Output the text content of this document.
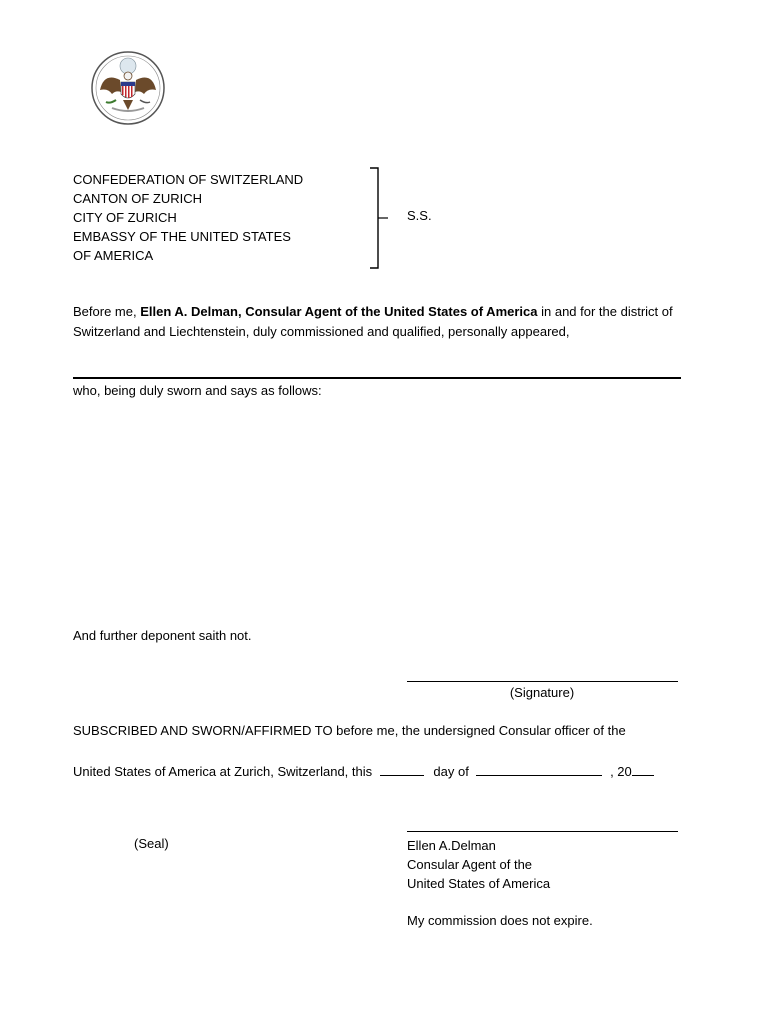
CONFEDERATION OF SWITZERLAND
CANTON OF ZURICH
CITY OF ZURICH
EMBASSY OF THE UNITED STATES
OF AMERICA
S.S.
Before me, Ellen A. Delman, Consular Agent of the United States of America in and for the district of Switzerland and Liechtenstein, duly commissioned and qualified, personally appeared,
who, being duly sworn and says as follows:
And further deponent saith not.
(Signature)
SUBSCRIBED AND SWORN/AFFIRMED TO before me, the undersigned Consular officer of the
United States of America at Zurich, Switzerland, this	day of	, 20
(Seal)	Ellen A.Delman
Consular Agent of the
United States of America
My commission does not expire.
